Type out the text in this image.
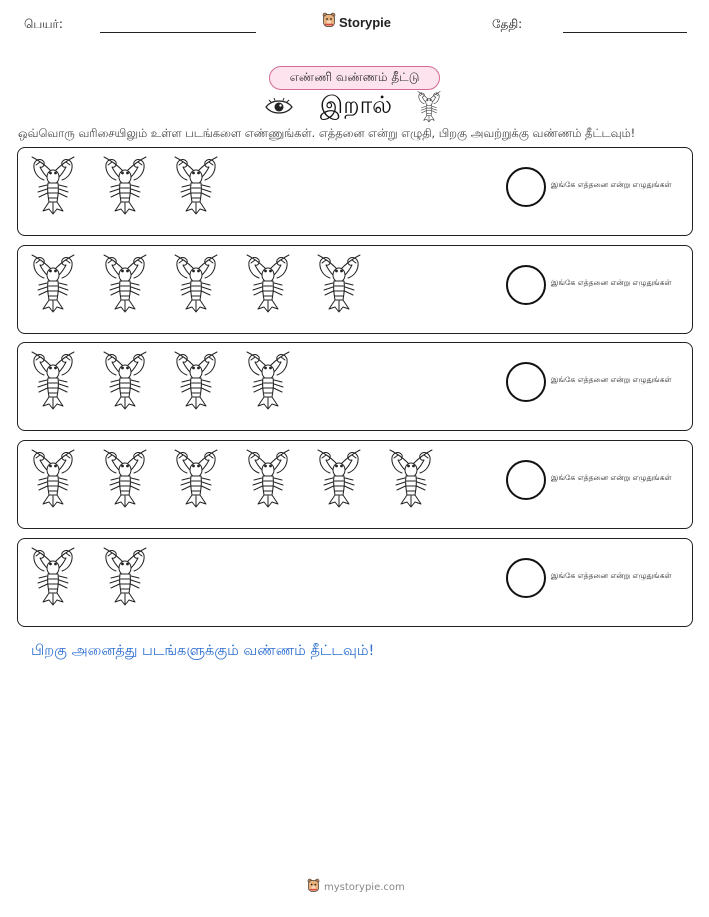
பெயர்:	Storypie	தேதி:
எண்ணி வண்ணம் தீட்டு
இறால்
ஒவ்வொரு வரிசையிலும் உள்ள படங்களை எண்ணுங்கள். எத்தனை என்று எழுதி, பிறகு அவற்றுக்கு வண்ணம் தீட்டவும்!
இங்கே எத்தனை என்று எழுதுங்கள்
இங்கே எத்தனை என்று எழுதுங்கள்
இங்கே எத்தனை என்று எழுதுங்கள்
இங்கே எத்தனை என்று எழுதுங்கள்
இங்கே எத்தனை என்று எழுதுங்கள்
பிறகு அனைத்து படங்களுக்கும் வண்ணம் தீட்டவும்!
mystorypie.com
